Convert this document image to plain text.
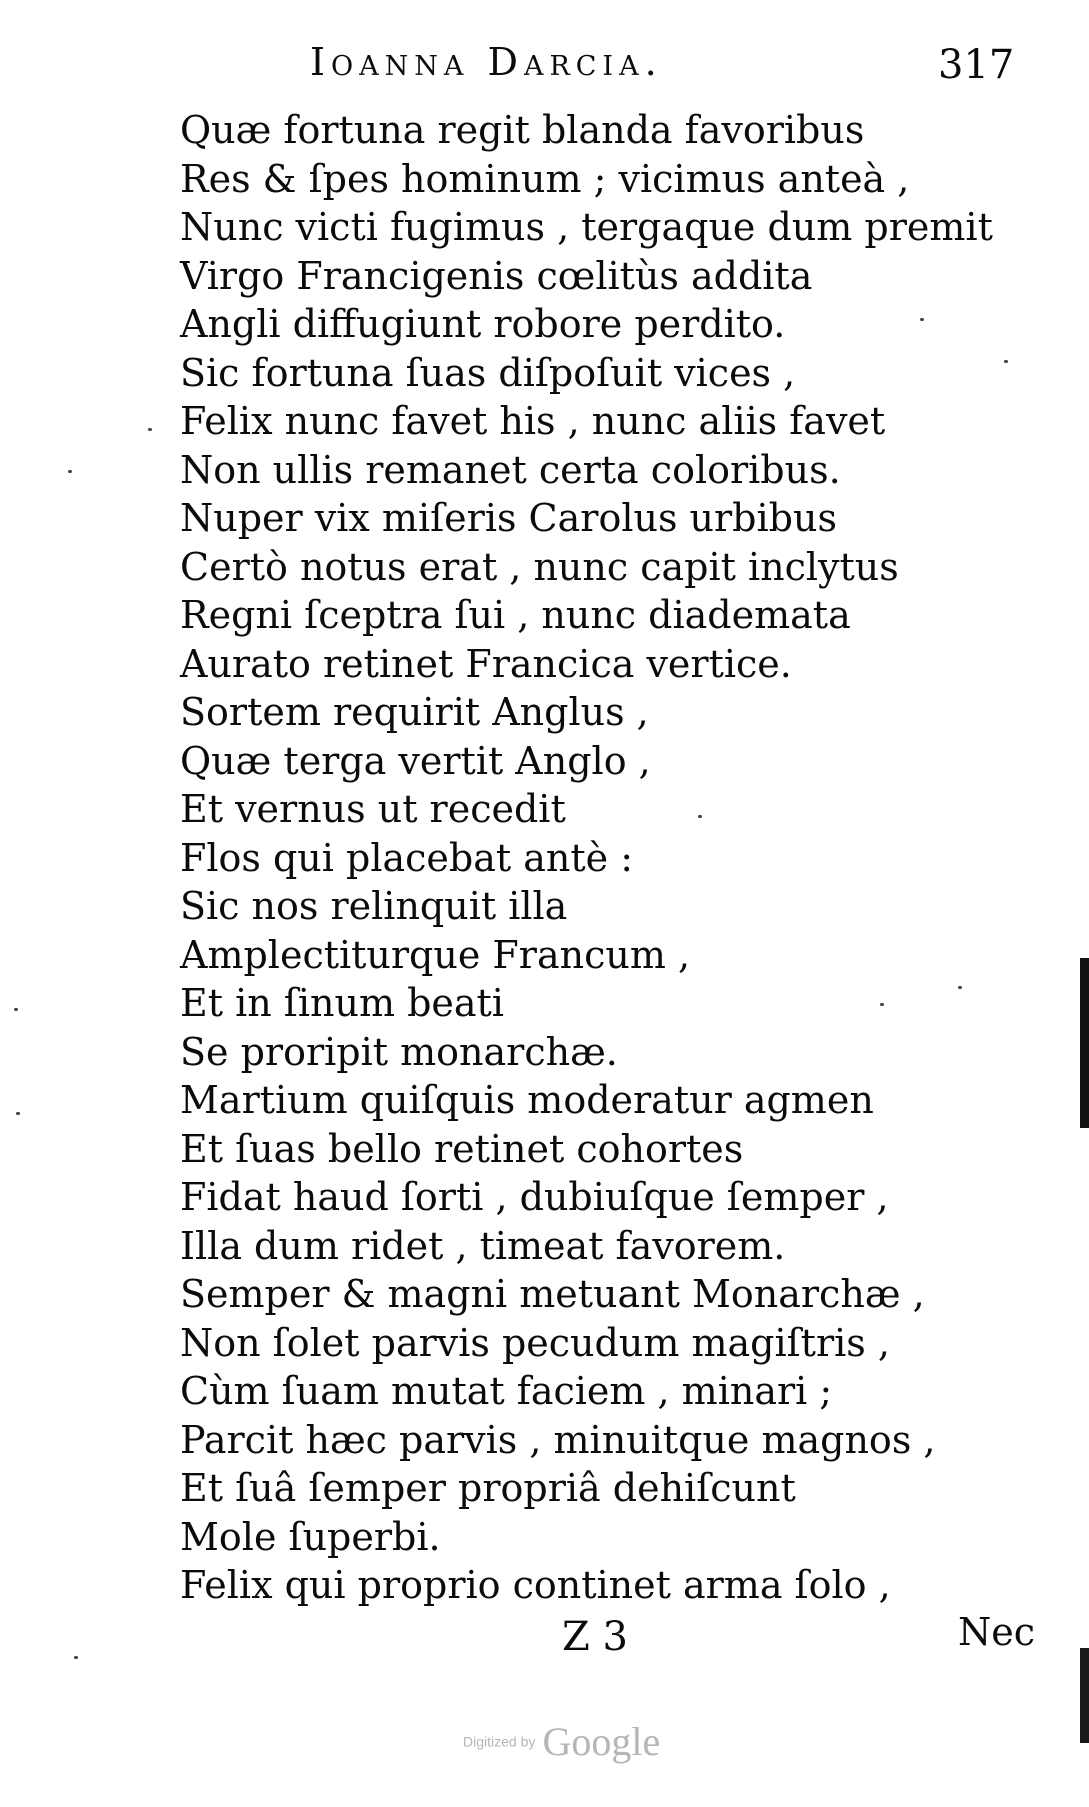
Ioanna Darcia.	317
Quæ fortuna regit blanda favoribus
Res & ſpes hominum ; vicimus anteà ,
Nunc victi fugimus , tergaque dum premit
Virgo Francigenis cœlitùs addita
Angli diffugiunt robore perdito.
Sic fortuna ſuas diſpoſuit vices ,
Felix nunc favet his , nunc aliis favet
Non ullis remanet certa coloribus.
Nuper vix miſeris Carolus urbibus
Certò notus erat , nunc capit inclytus
Regni ſceptra ſui , nunc diademata
Aurato retinet Francica vertice.
Sortem requirit Anglus ,
Quæ terga vertit Anglo ,
Et vernus ut recedit
Flos qui placebat antè :
Sic nos relinquit illa
Amplectiturque Francum ,
Et in ſinum beati
Se proripit monarchæ.
Martium quiſquis moderatur agmen
Et ſuas bello retinet cohortes
Fidat haud ſorti , dubiuſque ſemper ,
Illa dum ridet , timeat favorem.
Semper & magni metuant Monarchæ ,
Non ſolet parvis pecudum magiſtris ,
Cùm ſuam mutat faciem , minari ;
Parcit hæc parvis , minuitque magnos ,
Et ſuâ ſemper propriâ dehiſcunt
Mole ſuperbi.
Felix qui proprio continet arma ſolo ,
Z 3	Nec
Digitized by Google
